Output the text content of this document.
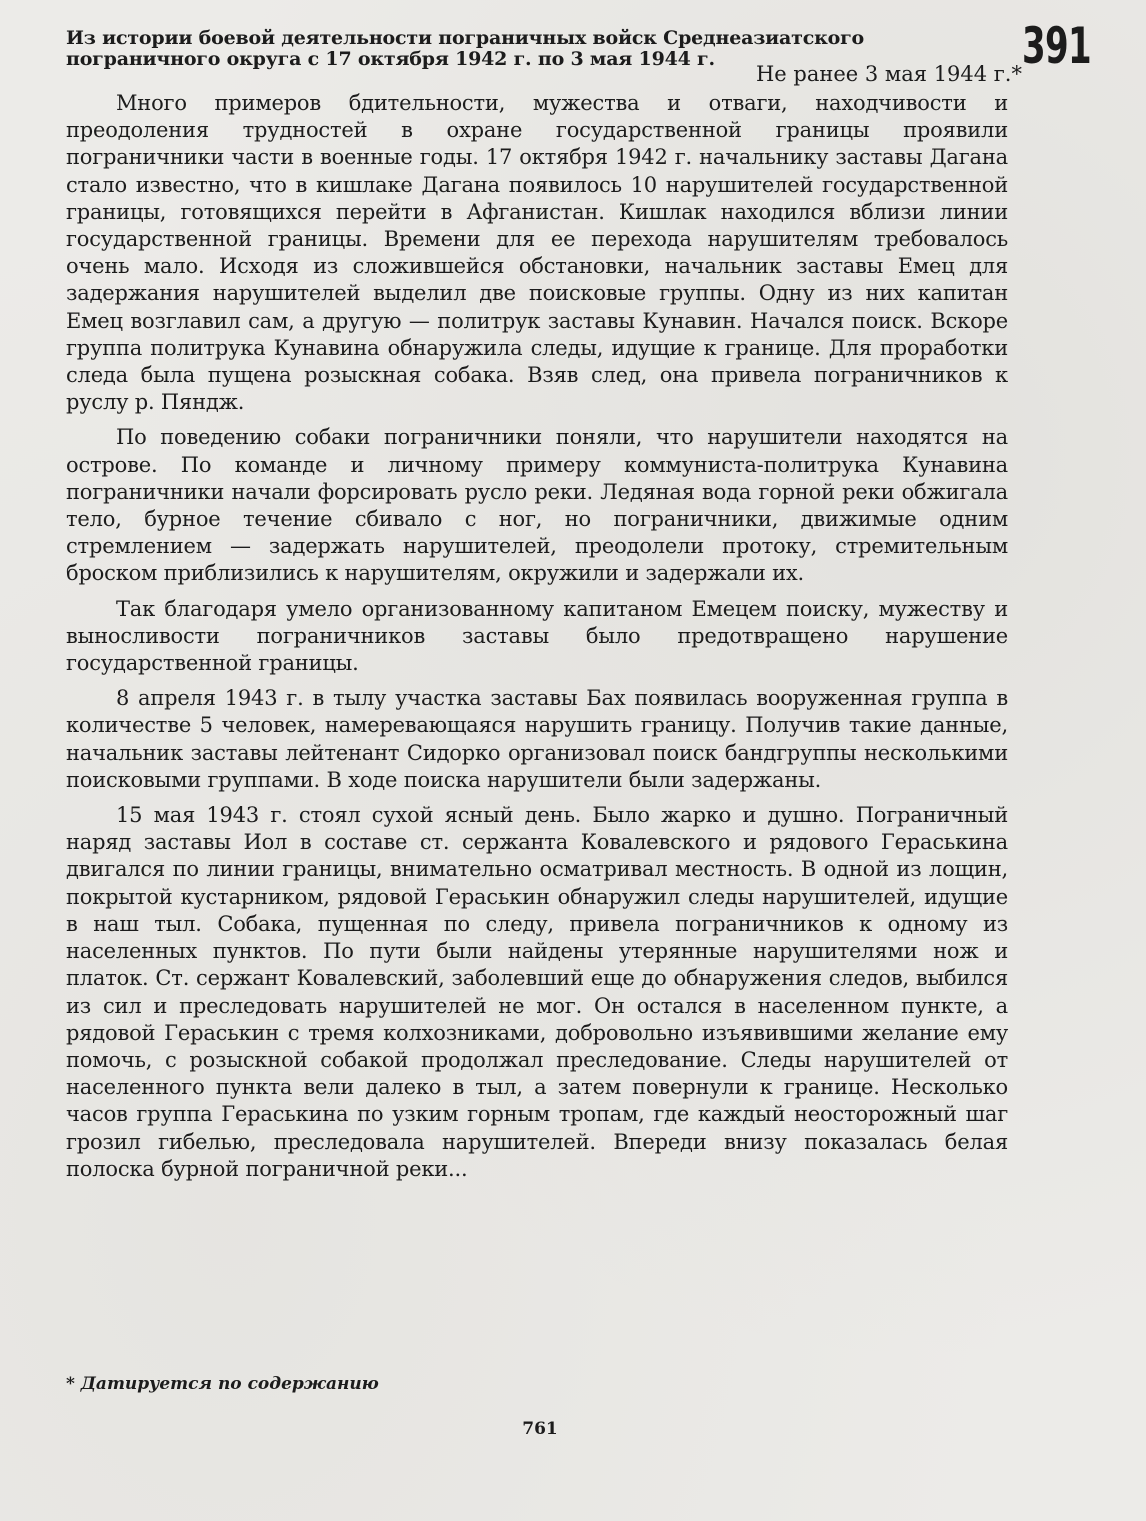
Из истории боевой деятельности пограничных войск Среднеазиатского пограничного округа с 17 октября 1942 г. по 3 мая 1944 г.	391
Не ранее 3 мая 1944 г.*

Много примеров бдительности, мужества и отваги, находчивости и преодоления трудностей в охране государственной границы проявили пограничники части в военные годы. 17 октября 1942 г. начальнику заставы Дагана стало известно, что в кишлаке Дагана появилось 10 нарушителей государственной границы, готовящихся перейти в Афганистан. Кишлак находился вблизи линии государственной границы. Времени для ее перехода нарушителям требовалось очень мало. Исходя из сложившейся обстановки, начальник заставы Емец для задержания нарушителей выделил две поисковые группы. Одну из них капитан Емец возглавил сам, а другую — политрук заставы Кунавин. Начался поиск. Вскоре группа политрука Кунавина обнаружила следы, идущие к границе. Для проработки следа была пущена розыскная собака. Взяв след, она привела пограничников к руслу р. Пяндж.

По поведению собаки пограничники поняли, что нарушители находятся на острове. По команде и личному примеру коммуниста-политрука Кунавина пограничники начали форсировать русло реки. Ледяная вода горной реки обжигала тело, бурное течение сбивало с ног, но пограничники, движимые одним стремлением — задержать нарушителей, преодолели протоку, стремительным броском приблизились к нарушителям, окружили и задержали их.

Так благодаря умело организованному капитаном Емецем поиску, мужеству и выносливости пограничников заставы было предотвращено нарушение государственной границы.

8 апреля 1943 г. в тылу участка заставы Бах появилась вооруженная группа в количестве 5 человек, намеревающаяся нарушить границу. Получив такие данные, начальник заставы лейтенант Сидорко организовал поиск бандгруппы несколькими поисковыми группами. В ходе поиска нарушители были задержаны.

15 мая 1943 г. стоял сухой ясный день. Было жарко и душно. Пограничный наряд заставы Иол в составе ст. сержанта Ковалевского и рядового Гераськина двигался по линии границы, внимательно осматривал местность. В одной из лощин, покрытой кустарником, рядовой Гераськин обнаружил следы нарушителей, идущие в наш тыл. Собака, пущенная по следу, привела пограничников к одному из населенных пунктов. По пути были найдены утерянные нарушителями нож и платок. Ст. сержант Ковалевский, заболевший еще до обнаружения следов, выбился из сил и преследовать нарушителей не мог. Он остался в населенном пункте, а рядовой Гераськин с тремя колхозниками, добровольно изъявившими желание ему помочь, с розыскной собакой продолжал преследование. Следы нарушителей от населенного пункта вели далеко в тыл, а затем повернули к границе. Несколько часов группа Гераськина по узким горным тропам, где каждый неосторожный шаг грозил гибелью, преследовала нарушителей. Впереди внизу показалась белая полоска бурной пограничной реки...

* Датируется по содержанию
761
